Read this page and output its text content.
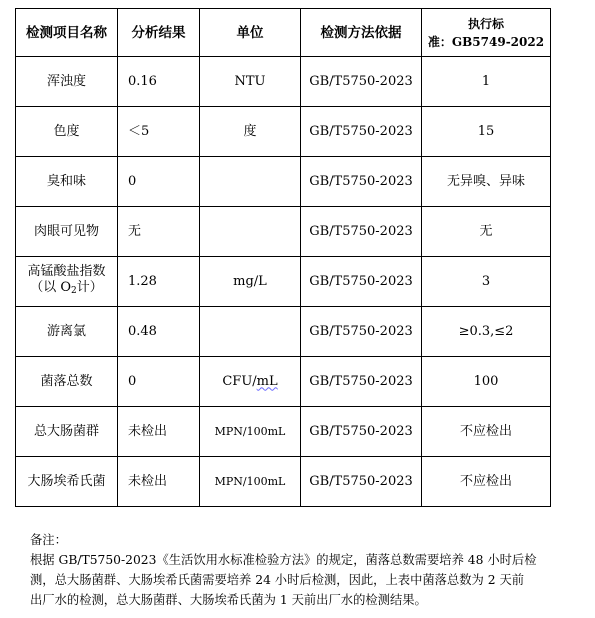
检测项目名称	分析结果	单位	检测方法依据	执行标
准：GB5749-2022

浑浊度	0.16	NTU	GB/T5750-2023	1
色度	＜5	度	GB/T5750-2023	15
臭和味	0		GB/T5750-2023	无异嗅、异味
肉眼可见物	无		GB/T5750-2023	无

高锰酸盐指数
（以 $O_2$计）	1.28	mg/L	GB/T5750-2023	3
游离氯	0.48		GB/T5750-2023	≥0.3,≤2
菌落总数	0	CFU/mL	GB/T5750-2023	100
总大肠菌群	未检出	MPN/100mL	GB/T5750-2023	不应检出
大肠埃希氏菌	未检出	MPN/100mL	GB/T5750-2023	不应检出
备注：
根据 GB/T5750-2023《生活饮用水标准检验方法》的规定，菌落总数需要培养 48 小时后检
测，总大肠菌群、大肠埃希氏菌需要培养 24 小时后检测，因此，上表中菌落总数为 2 天前
出厂水的检测，总大肠菌群、大肠埃希氏菌为 1 天前出厂水的检测结果。
